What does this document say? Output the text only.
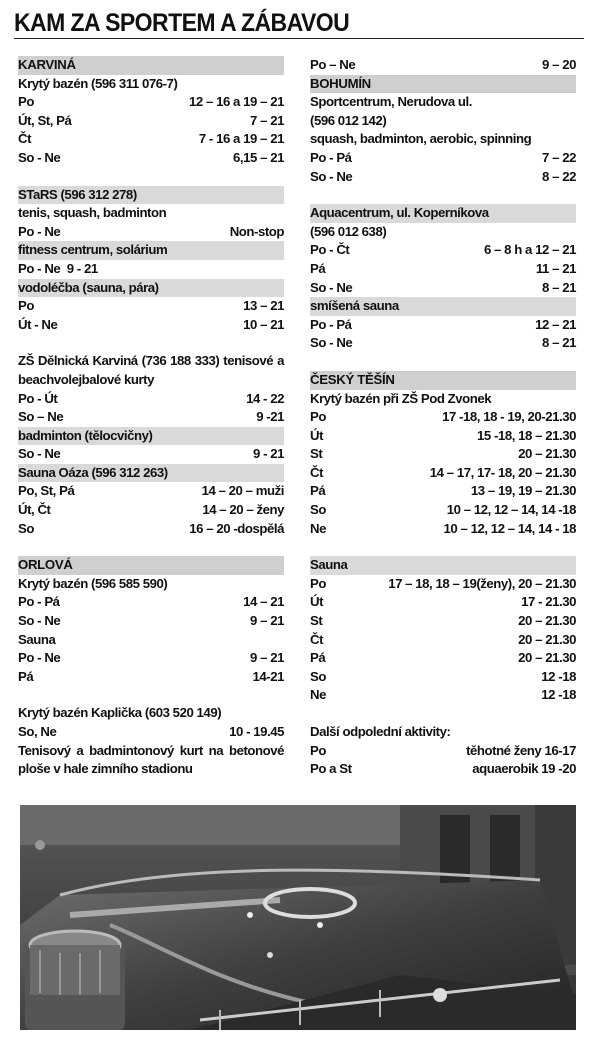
KAM ZA SPORTEM A ZÁBAVOU
KARVINÁ
Krytý bazén (596 311 076-7)
Po	12 – 16 a 19 – 21
Út, St, Pá	7 – 21
Čt	7 - 16 a 19 – 21
So - Ne	6,15 – 21
STaRS (596 312 278)
tenis, squash, badminton
Po - Ne	Non-stop
fitness centrum, solárium
Po - Ne 9 - 21
vodoléčba (sauna, pára)
Po	13 – 21
Út - Ne	10 – 21
ZŠ Dělnická Karviná (736 188 333) tenisové a beachvolejbalové kurty
Po - Út	14 - 22
So – Ne	9 -21
badminton (tělocvičny)
So - Ne	9 - 21
Sauna Oáza (596 312 263)
Po, St, Pá	14 – 20 – muži
Út, Čt	14 – 20 – ženy
So	16 – 20 -dospělá
ORLOVÁ
Krytý bazén (596 585 590)
Po - Pá	14 – 21
So - Ne	9 – 21
Sauna
Po - Ne	9 – 21
Pá	14-21
Krytý bazén Kaplička (603 520 149)
So, Ne	10 - 19.45
Tenisový a badmintonový kurt na betonové ploše v hale zimního stadionu
Po – Ne	9 – 20
BOHUMÍN
Sportcentrum, Nerudova ul.
(596 012 142)
squash, badminton, aerobic, spinning
Po - Pá	7 – 22
So - Ne	8 – 22
Aquacentrum, ul. Koperníkova
(596 012 638)
Po - Čt	6 – 8 h a 12 – 21
Pá	11 – 21
So - Ne	8 – 21
smíšená sauna
Po - Pá	12 – 21
So - Ne	8 – 21
ČESKÝ TĚŠÍN
Krytý bazén při ZŠ Pod Zvonek
Po	17 -18, 18 - 19, 20-21.30
Út	15 -18, 18 – 21.30
St	20 – 21.30
Čt	14 – 17, 17- 18, 20 – 21.30
Pá	13 – 19, 19 – 21.30
So	10 – 12, 12 – 14, 14 -18
Ne	10 – 12, 12 – 14, 14 - 18
Sauna
Po	17 – 18, 18 – 19(ženy), 20 – 21.30
Út	17 - 21.30
St	20 – 21.30
Čt	20 – 21.30
Pá	20 – 21.30
So	12 -18
Ne	12 -18
Další odpolední aktivity:
Po	těhotné ženy 16-17
Po a St	aquaerobik 19 -20
